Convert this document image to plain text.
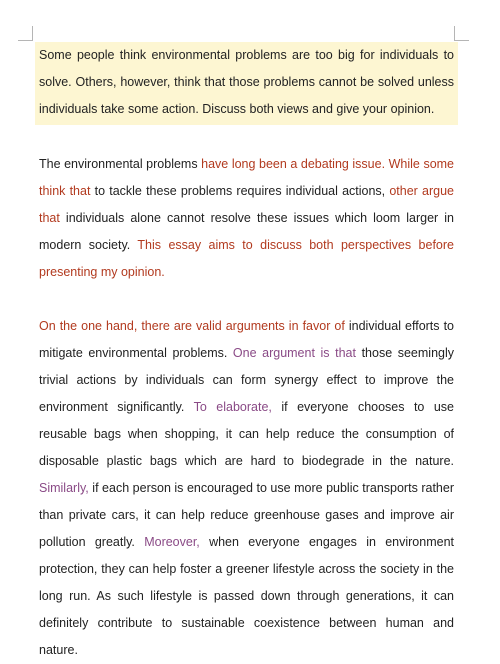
Some people think environmental problems are too big for individuals to solve. Others, however, think that those problems cannot be solved unless individuals take some action. Discuss both views and give your opinion.

The environmental problems have long been a debating issue. While some think that to tackle these problems requires individual actions, other argue that individuals alone cannot resolve these issues which loom larger in modern society. This essay aims to discuss both perspectives before presenting my opinion.

On the one hand, there are valid arguments in favor of individual efforts to mitigate environmental problems. One argument is that those seemingly trivial actions by individuals can form synergy effect to improve the environment significantly. To elaborate, if everyone chooses to use reusable bags when shopping, it can help reduce the consumption of disposable plastic bags which are hard to biodegrade in the nature. Similarly, if each person is encouraged to use more public transports rather than private cars, it can help reduce greenhouse gases and improve air pollution greatly. Moreover, when everyone engages in environment protection, they can help foster a greener lifestyle across the society in the long run. As such lifestyle is passed down through generations, it can definitely contribute to sustainable coexistence between human and nature.
